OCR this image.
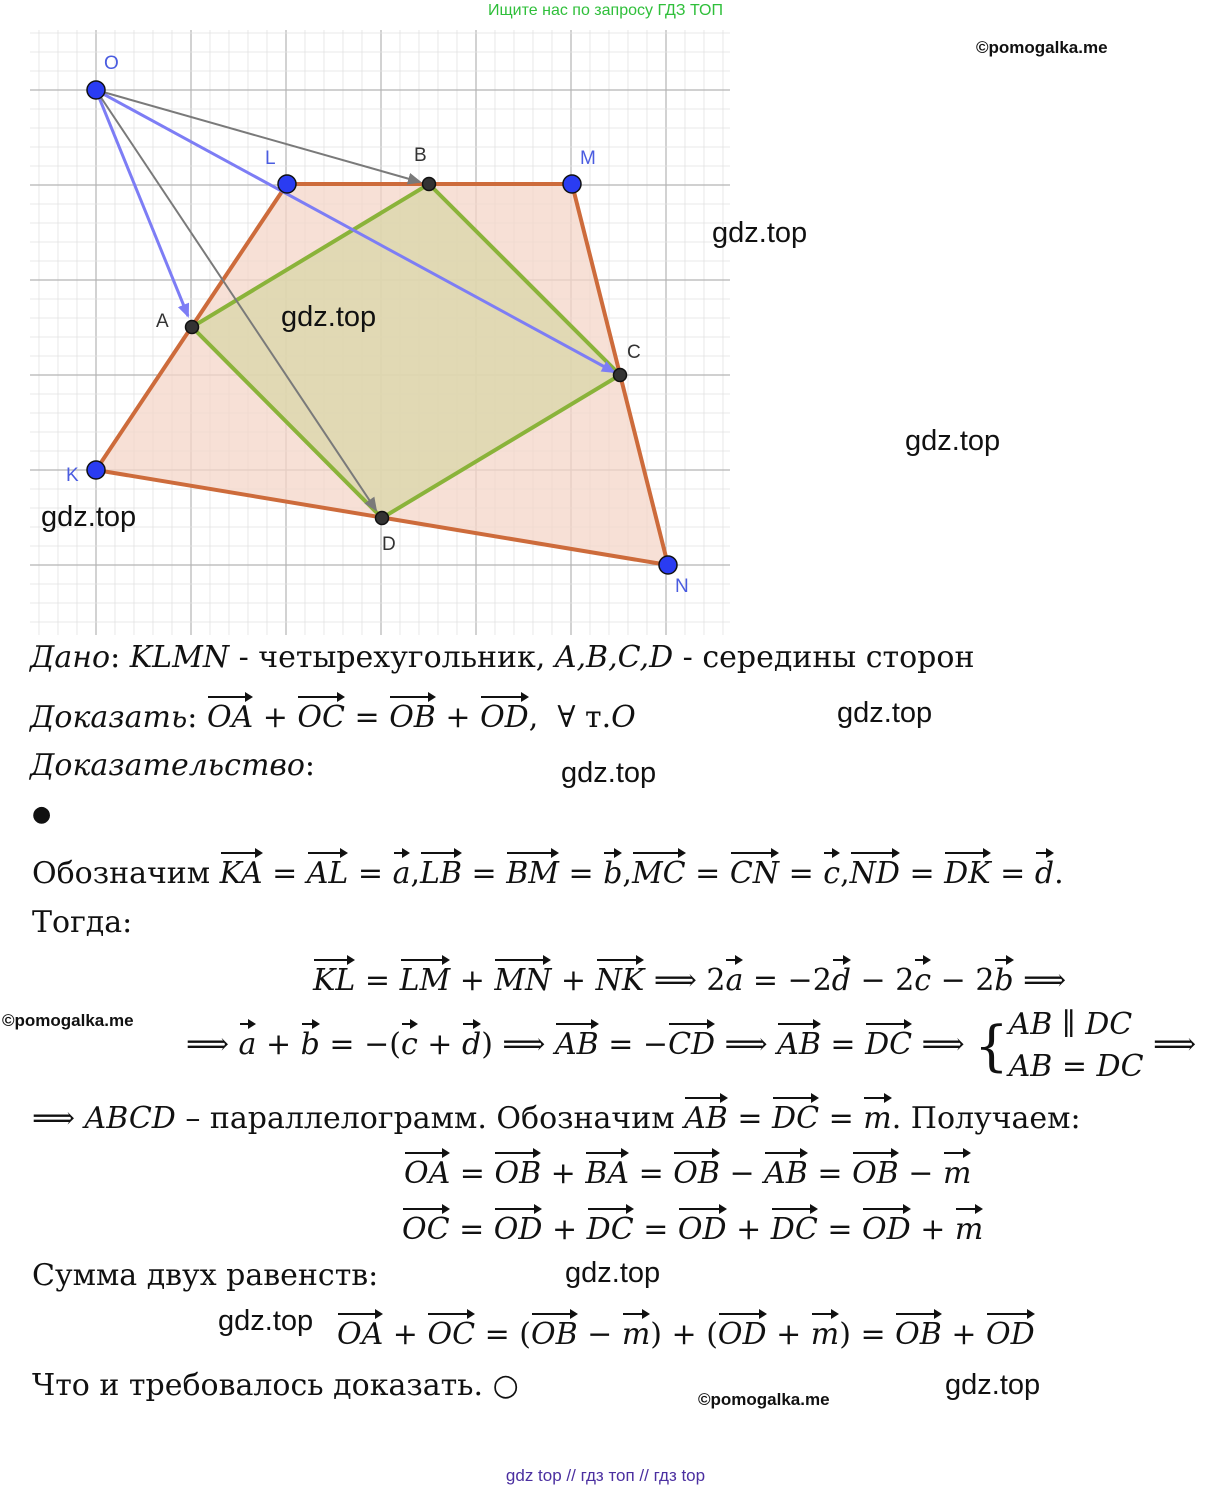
Ищите нас по запросу ГДЗ ТОП
O
L	B	M
A
C
K
D
N
©pomogalka.me
gdz.top
gdz.top
gdz.top
gdz.top
gdz.top
gdz.top
©pomogalka.me
gdz.top
gdz.top
gdz.top
©pomogalka.me
Дано: KLMN - четырехугольник, A,B,C,D - середины сторон
Доказать: OA + OC = OB + OD,  ∀ т.O
Доказательство:
●
Обозначим KA = AL = a,LB = BM = b,MC = CN = c,ND = DK = d.
Тогда:
KL = LM + MN + NK ⟹ 2a = −2d − 2c − 2b ⟹
⟹ a + b = −(c + d) ⟹ AB = −CD ⟹ AB = DC ⟹ {AB ∥ DC
AB = DC ⟹
⟹ ABCD – параллелограмм. Обозначим AB = DC = m. Получаем:
OA = OB + BA = OB − AB = OB − m
OC = OD + DC = OD + DC = OD + m
Сумма двух равенств:
OA + OC = (OB − m) + (OD + m) = OB + OD
Что и требовалось доказать. ○
gdz top // гдз топ // гдз top
